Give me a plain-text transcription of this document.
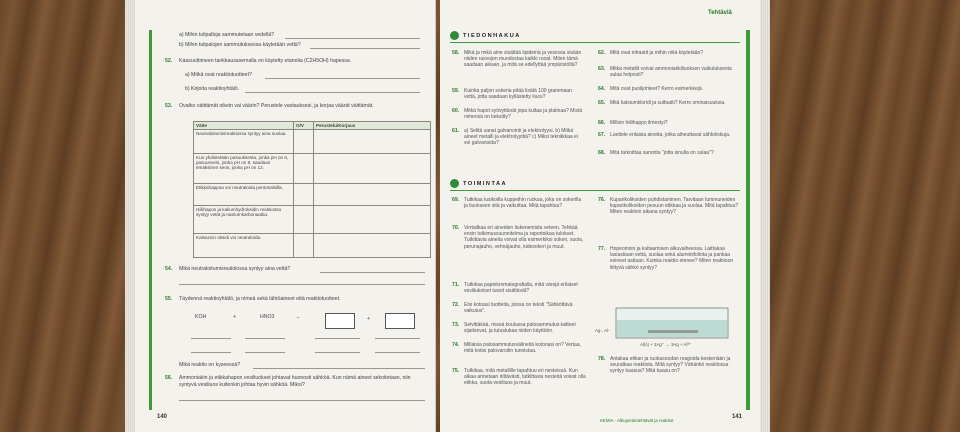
a) Mihin tulipalloja sammutetaan vedellä?
b) Mihin tulipalojen sammutuksessa käytetään vettä?
52. Kaasuuttimeen tankkausasemalla on käytetty etanolia (C2H5OH) hapessa.
a) Mitkä ovat reaktiotuotteet?
b) Kirjoita reaktioyhtälö.
53. Ovatko väittämät oikein vai väärin? Perustele vastauksesi, ja korjaa väärät väittämät.
Väite	O/V	Perustelu/Korjaus
Neutraloitumisreaktiossa syntyy aina suolaa.		
Kun yhdistetään pasuuksesta, jonka pH on 6, pasuunvesi, jonka pH on 8, saadaan emäksinen seos, jonka pH on 12.		
Etikkahappoa voi neutraloida pentosalsilla.		
Hiilihapon ja kaliumhydroksidin reaktiossa syntyy vettä ja natriumkarbonaattia.		
Kalsiumin oksidi voi neutraloida.		
54. Mikä neutraloitumisreaktiossa syntyy aina vettä?
55. Täydennä reaktioyhtälö, ja nimeä sekä lähtöaineet että reaktiotuotteet.
KOH	+	HNO3	→	+
Mikä reaktio on kyseessä?
56. Ammoniakin ja etikkahapon vesiliuokset johtavat huonosti sähköä. Kun nämä aineet sekoitetaan, niin syntyvä vesiliuos kuitenkin johtaa hyvin sähköä. Miksi?
140
Tehtäviä
TIEDONHAKUA
58. Mikä ja mikä aine sisältää lipideinä ja vesiosia sisään niiden rasvojen muodostaa kaikki ruoat. Miten tämä saadaan aikaan, ja mitä se edellyttää ympäristöltä?
59. Kuinka paljon sokeria pitää lisätä 100 grammaan vettä, jotta saadaan kyllästetty liuos?
60. Mitkä hapot syövyttävät jopa kultaa ja platinaa? Mistä nimensä on keksitty?
61. a) Selitä sanat galvanointi ja elektrolyysi. b) Mitkä aineet metalli ja elektrolyyttiä? c) Miksi tekniikkaa ei voi galvanoida?
62. Mitä ovat nitraatit ja mihin niitä käytetään?
63. Mitkä metallit voivat ammoniakkiliuoksen vaikutuksesta sulaa helposti?
64. Mitä ovat puolijohteet? Kerro esimerkkejä.
65. Mitä kalsiumkloridi ja sulfaatti? Kerro ominaisuuksia.
66. Milloin hiilihappo ilmestyi?
67. Luettele erilaisia aineita, jotka aiheuttavat sähköiskuja.
68. Mitä tarkoittaa sanonta "jotta sinulla on sulaa"?
TOIMINTAA
69. Tutkikaa lusikoilla kuppeihin ruokaa, joka on sokerilla ja liuokseen sitä ja vaikuttaa. Mitä tapahtuu?
70. Vertailkaa eri aineiden liukenemista veteen. Tehkää ensin tutkimussuunnitelma ja raportoikaa tulokset. Tutkittavia aineita voivat olla esimerkiksi sokeri, suola, perunajauho, vehnäjauho, kidesokeri ja muut.
71. Tutkikaa papinkromatografialla, mitä värejä erilaiset vesiliukoiset tussit sisältävät?
72. Etsi kotoasi tuotteita, joissa on teksti "Sähköttävä vaikutus".
73. Selvittäkää, missä koulussa palosammutus-laitteet sijaitsevat, ja tutustukaa niiden käyttöön.
74. Millaisia palosammutusvälineitä kotonasi on? Vertaa, mitä kotisi palovaroitin tunnistaa.
75. Tutkikaa, mitä metallille tapahtuu eri nesteissä. Kun aikaa annetaan riittävästi, tutkittavia nesteitä voivat olla etikka, suola-vesiliuos ja muut.
76. Kuparikolikoiden puhdistaminen. Tarvitaan tummuneiden kuparikolikoiden pesuun etikkaa ja suolaa. Mitä tapahtuu? Miten reaktion aikana syntyy?
77. Hopeoinnin ja kultaamisen alkuvaiheessa. Laittakaa lasiastiaan vettä, suolaa sekä alumiinifoliota ja pankaa esineet astiaan. Kuinka reaktio etenee? Miten reaktioon liittyvä sähkö syntyy?
Ag-, Al-
Al(s) + 3Ag⁺ → 3Ag + Al³⁺
78. Antakaa etikan ja ruokasoodan reagoida keskenään ja seuratkaa reaktiota. Mitä syntyy? Vähänkö reaktiossa syntyy kaasua? Mitä kaasu on?
KEMIA · Alkuperäistehtävät ja reaktiot
141
